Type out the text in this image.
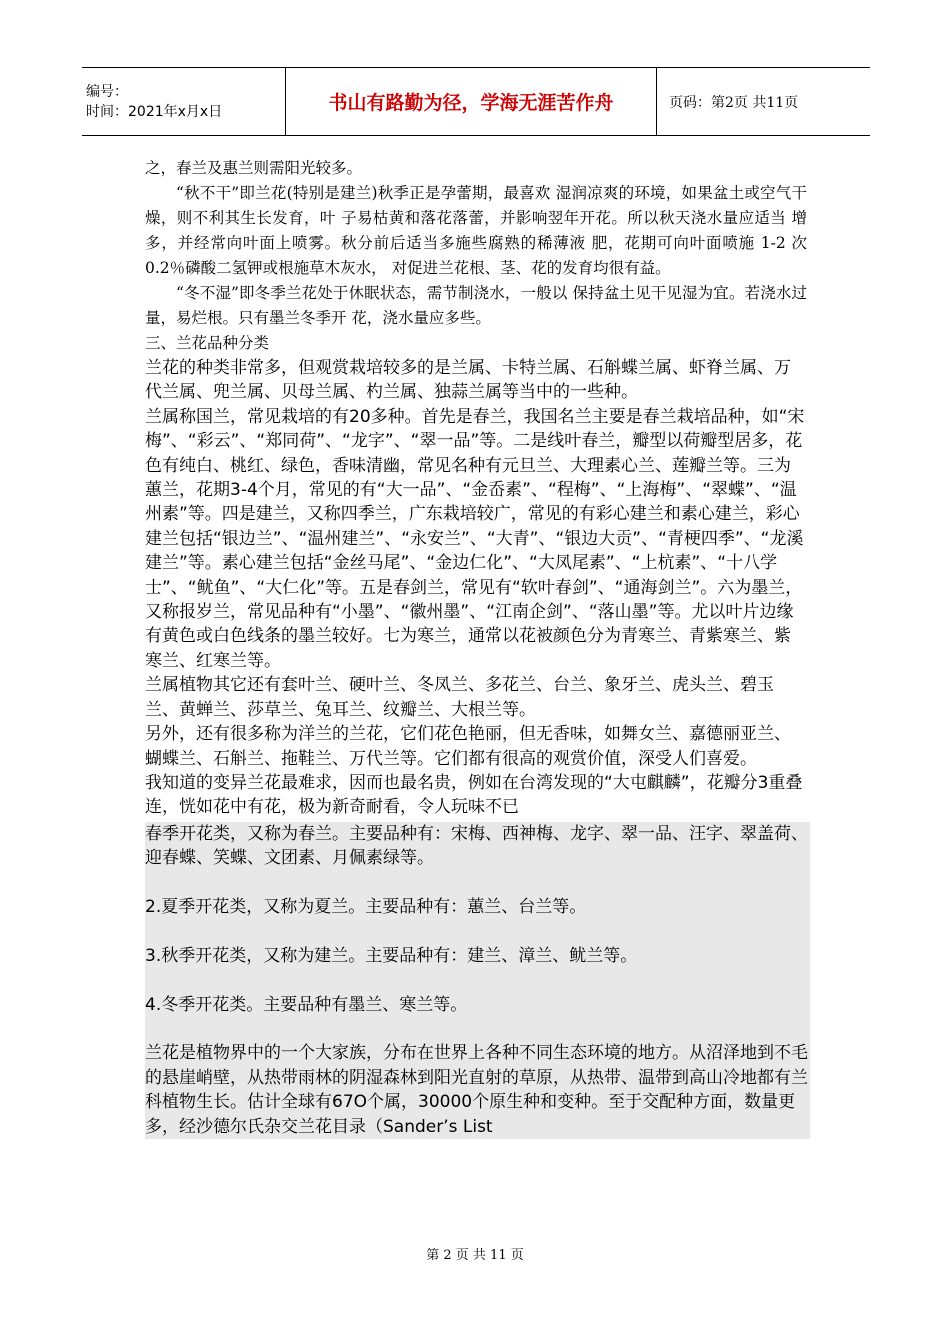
编号：
时间：2021年x月x日	书山有路勤为径，学海无涯苦作舟	页码：第2页 共11页

之，春兰及惠兰则需阳光较多。

“秋不干”即兰花(特别是建兰)秋季正是孕蕾期，最喜欢 湿润凉爽的环境，如果盆土或空气干燥，则不利其生长发育，叶 子易枯黄和落花落蕾，并影响翌年开花。所以秋天浇水量应适当 增多，并经常向叶面上喷雾。秋分前后适当多施些腐熟的稀薄液 肥，花期可向叶面喷施 1-2 次 0.2％磷酸二氢钾或根施草木灰水， 对促进兰花根、茎、花的发育均很有益。

“冬不湿”即冬季兰花处于休眠状态，需节制浇水，一般以 保持盆土见干见湿为宜。若浇水过量，易烂根。只有墨兰冬季开 花，浇水量应多些。

三、兰花品种分类

兰花的种类非常多，但观赏栽培较多的是兰属、卡特兰属、石斛蝶兰属、虾脊兰属、万代兰属、兜兰属、贝母兰属、杓兰属、独蒜兰属等当中的一些种。

兰属称国兰，常见栽培的有20多种。首先是春兰，我国名兰主要是春兰栽培品种，如“宋梅”、“彩云”、“郑同荷”、“龙字”、“翠一品”等。二是线叶春兰，瓣型以荷瓣型居多，花色有纯白、桃红、绿色，香味清幽，常见名种有元旦兰、大理素心兰、莲瓣兰等。三为蕙兰，花期3-4个月，常见的有“大一品”、“金岙素”、“程梅”、“上海梅”、“翠蝶”、“温州素”等。四是建兰，又称四季兰，广东栽培较广，常见的有彩心建兰和素心建兰，彩心建兰包括“银边兰”、“温州建兰”、“永安兰”、“大青”、“银边大贡”、“青梗四季”、“龙溪建兰”等。素心建兰包括“金丝马尾”、“金边仁化”、“大凤尾素”、“上杭素”、“十八学士”、“鱿鱼”、“大仁化”等。五是春剑兰，常见有“软叶春剑”、“通海剑兰”。六为墨兰，又称报岁兰，常见品种有“小墨”、“徽州墨”、“江南企剑”、“落山墨”等。尤以叶片边缘有黄色或白色线条的墨兰较好。七为寒兰，通常以花被颜色分为青寒兰、青紫寒兰、紫寒兰、红寒兰等。

兰属植物其它还有套叶兰、硬叶兰、冬凤兰、多花兰、台兰、象牙兰、虎头兰、碧玉兰、黄蝉兰、莎草兰、兔耳兰、纹瓣兰、大根兰等。

另外，还有很多称为洋兰的兰花，它们花色艳丽，但无香味，如舞女兰、嘉德丽亚兰、蝴蝶兰、石斛兰、拖鞋兰、万代兰等。它们都有很高的观赏价值，深受人们喜爱。

我知道的变异兰花最难求，因而也最名贵，例如在台湾发现的“大屯麒麟”，花瓣分3重叠连，恍如花中有花，极为新奇耐看，令人玩味不已

春季开花类，又称为春兰。主要品种有：宋梅、西神梅、龙字、翠一品、汪字、翠盖荷、迎春蝶、笑蝶、文团素、月佩素绿等。

2.夏季开花类，又称为夏兰。主要品种有：蕙兰、台兰等。

3.秋季开花类，又称为建兰。主要品种有：建兰、漳兰、鱿兰等。

4.冬季开花类。主要品种有墨兰、寒兰等。

兰花是植物界中的一个大家族，分布在世界上各种不同生态环境的地方。从沼泽地到不毛的悬崖峭壁，从热带雨林的阴湿森林到阳光直射的草原，从热带、温带到高山冷地都有兰科植物生长。估计全球有67O个属，30000个原生种和变种。至于交配种方面，数量更多，经沙德尔氏杂交兰花目录（Sander’s List

第 2 页 共 11 页
